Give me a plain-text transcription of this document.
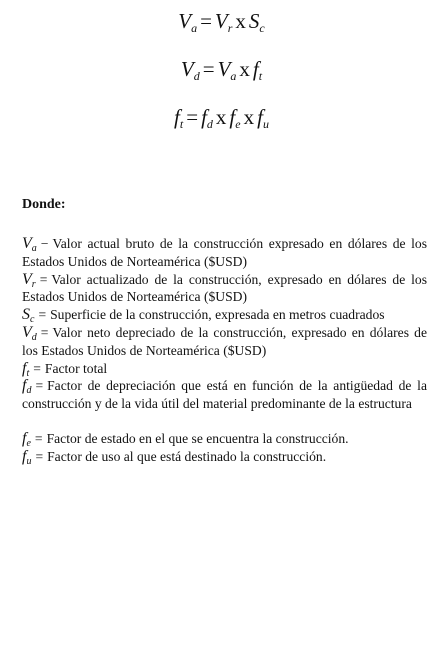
$V_a = V_r$ x $S_c$
$V_d = V_a$ x $f_t$
$f_t = f_d$ x $f_e$ x $f_u$

Donde:

$V_a$ − Valor actual bruto de la construcción expresado en dólares de los Estados Unidos de Norteamérica ($USD)

$V_r$ = Valor actualizado de la construcción, expresado en dólares de los Estados Unidos de Norteamérica ($USD)

$S_c$ = Superficie de la construcción, expresada en metros cuadrados

$V_d$ = Valor neto depreciado de la construcción, expresado en dólares de los Estados Unidos de Norteamérica ($USD)

$f_t$ = Factor total

$f_d$ = Factor de depreciación que está en función de la antigüedad de la construcción y de la vida útil del material predominante de la estructura

$f_e$ = Factor de estado en el que se encuentra la construcción.

$f_u$ = Factor de uso al que está destinado la construcción.
